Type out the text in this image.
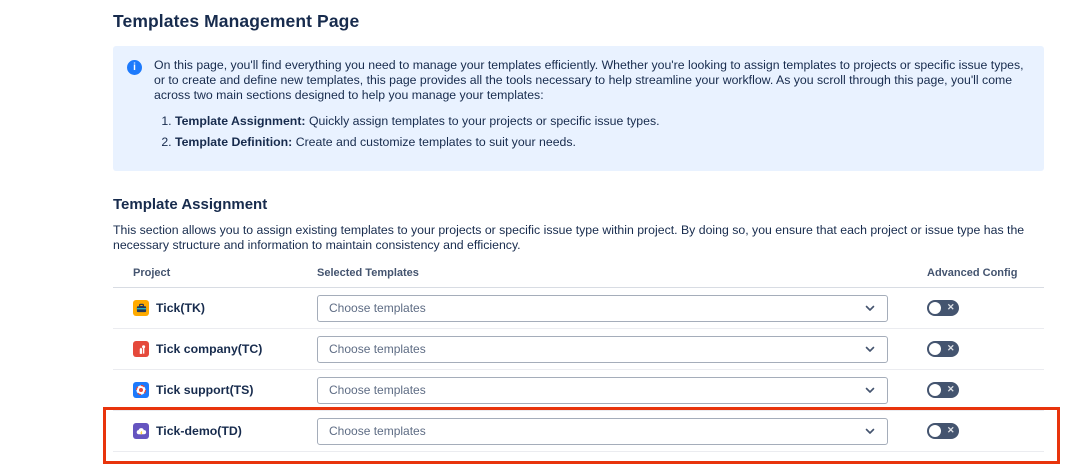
Templates Management Page
i	On this page, you'll find everything you need to manage your templates efficiently. Whether you're looking to assign templates to projects or specific issue types, or to create and define new templates, this page provides all the tools necessary to help streamline your workflow. As you scroll through this page, you'll come across two main sections designed to help you manage your templates:

1. Template Assignment: Quickly assign templates to your projects or specific issue types.
2. Template Definition: Create and customize templates to suit your needs.
Template Assignment

This section allows you to assign existing templates to your projects or specific issue type within project. By doing so, you ensure that each project or issue type has the necessary structure and information to maintain consistency and efficiency.

Project	Selected Templates	Advanced Config
Tick(TK)	Choose templates	✕
Tick company(TC)	Choose templates	✕
Tick support(TS)	Choose templates	✕
Tick-demo(TD)	Choose templates	✕
